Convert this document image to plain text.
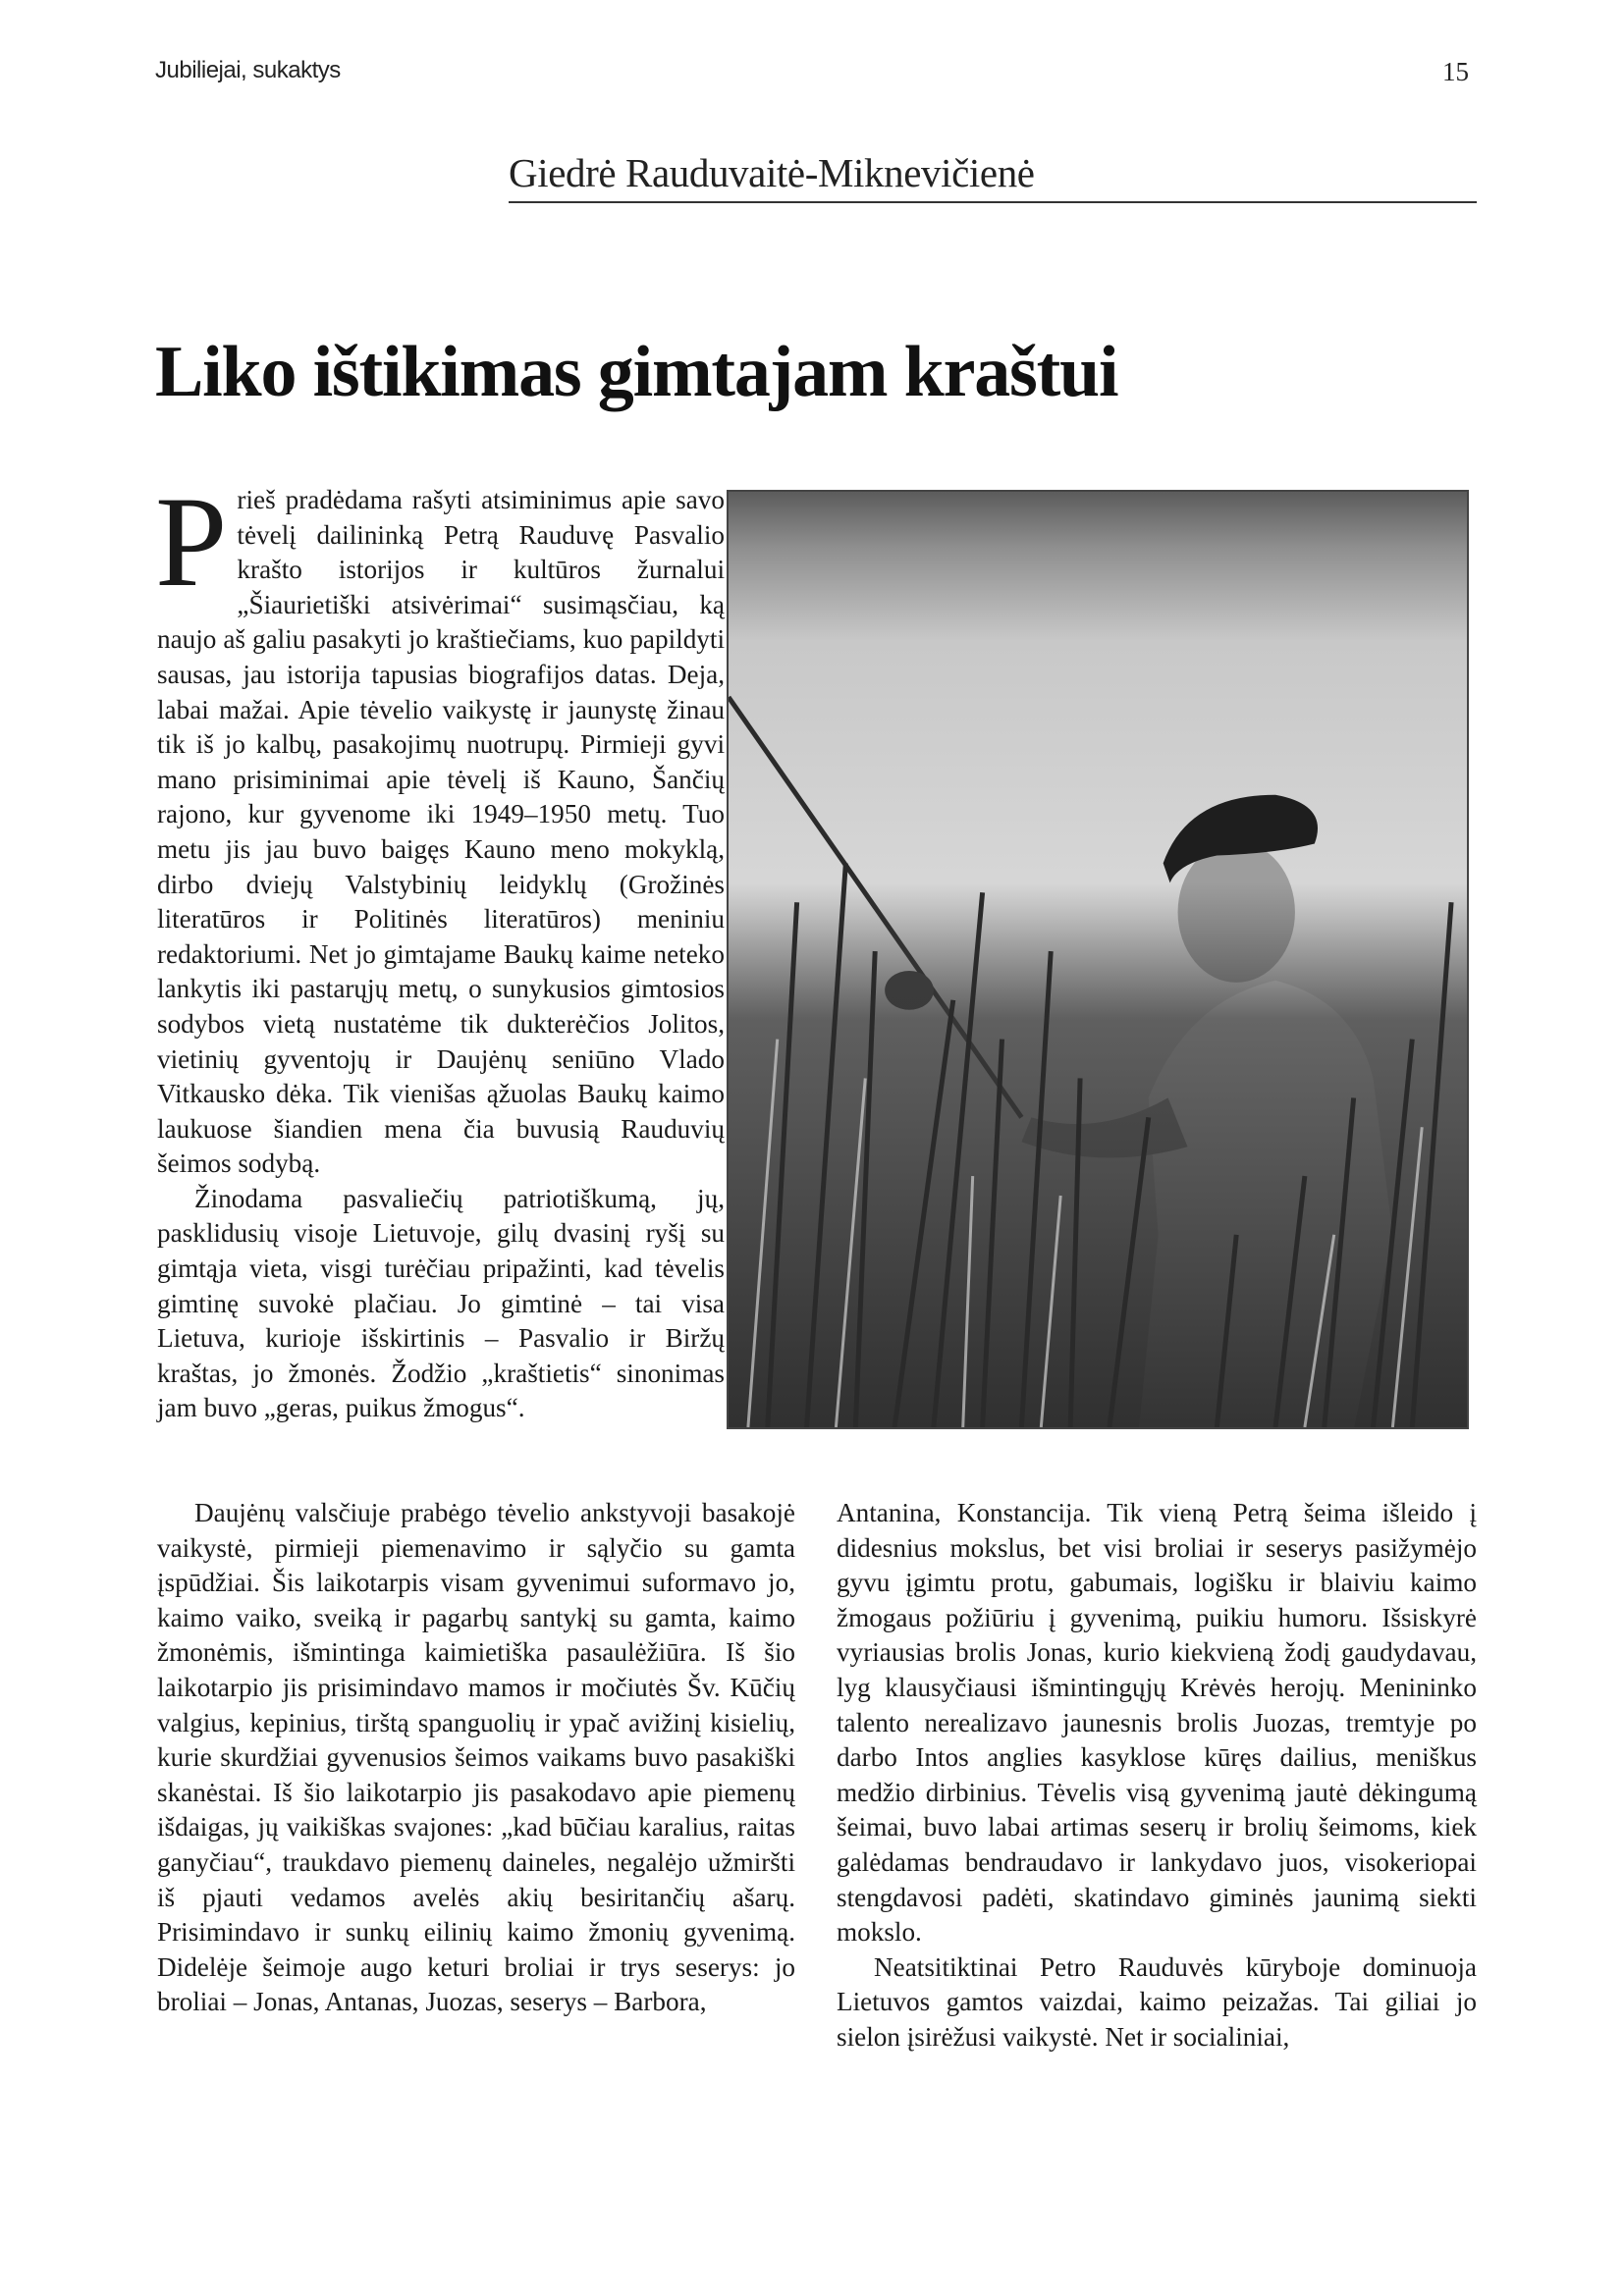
Jubiliejai, sukaktys	15
Giedrė Rauduvaitė-Miknevičienė
Liko ištikimas gimtajam kraštui

Prieš pradėdama rašyti atsiminimus apie savo tėvelį dailininką Petrą Rauduvę Pasvalio krašto istorijos ir kultūros žurnalui „Šiaurietiški atsivėrimai“ susimąsčiau, ką naujo aš galiu pasakyti jo kraštiečiams, kuo papildyti sausas, jau istorija tapusias biografijos datas. Deja, labai mažai. Apie tėvelio vaikystę ir jaunystę žinau tik iš jo kalbų, pasakojimų nuotrupų. Pirmieji gyvi mano prisiminimai apie tėvelį iš Kauno, Šančių rajono, kur gyvenome iki 1949–1950 metų. Tuo metu jis jau buvo baigęs Kauno meno mokyklą, dirbo dviejų Valstybinių leidyklų (Grožinės literatūros ir Politinės literatūros) meniniu redaktoriumi. Net jo gimtajame Baukų kaime neteko lankytis iki pastarųjų metų, o sunykusios gimtosios sodybos vietą nustatėme tik dukterėčios Jolitos, vietinių gyventojų ir Daujėnų seniūno Vlado Vitkausko dėka. Tik vienišas ąžuolas Baukų kaimo laukuose šiandien mena čia buvusią Rauduvių šeimos sodybą.

Žinodama pasvaliečių patriotiškumą, jų, pasklidusių visoje Lietuvoje, gilų dvasinį ryšį su gimtąja vieta, visgi turėčiau pripažinti, kad tėvelis gimtinę suvokė plačiau. Jo gimtinė – tai visa Lietuva, kurioje išskirtinis – Pasvalio ir Biržų kraštas, jo žmonės. Žodžio „kraštietis“ sinonimas jam buvo „geras, puikus žmogus“.

Daujėnų valsčiuje prabėgo tėvelio ankstyvoji basakojė vaikystė, pirmieji piemenavimo ir sąlyčio su gamta įspūdžiai. Šis laikotarpis visam gyvenimui suformavo jo, kaimo vaiko, sveiką ir pagarbų santykį su gamta, kaimo žmonėmis, išmintinga kaimietiška pasaulėžiūra. Iš šio laikotarpio jis prisimindavo mamos ir močiutės Šv. Kūčių valgius, kepinius, tirštą spanguolių ir ypač avižinį kisielių, kurie skurdžiai gyvenusios šeimos vaikams buvo pasakiški skanėstai. Iš šio laikotarpio jis pasakodavo apie piemenų išdaigas, jų vaikiškas svajones: „kad būčiau karalius, raitas ganyčiau“, traukdavo piemenų daineles, negalėjo užmiršti iš pjauti vedamos avelės akių besiritančių ašarų. Prisimindavo ir sunkų eilinių kaimo žmonių gyvenimą. Didelėje šeimoje augo keturi broliai ir trys seserys: jo broliai – Jonas, Antanas, Juozas, seserys – Barbora,

Antanina, Konstancija. Tik vieną Petrą šeima išleido į didesnius mokslus, bet visi broliai ir seserys pasižymėjo gyvu įgimtu protu, gabumais, logišku ir blaiviu kaimo žmogaus požiūriu į gyvenimą, puikiu humoru. Išsiskyrė vyriausias brolis Jonas, kurio kiekvieną žodį gaudydavau, lyg klausyčiausi išmintingųjų Krėvės herojų. Menininko talento nerealizavo jaunesnis brolis Juozas, tremtyje po darbo Intos anglies kasyklose kūręs dailius, meniškus medžio dirbinius. Tėvelis visą gyvenimą jautė dėkingumą šeimai, buvo labai artimas seserų ir brolių šeimoms, kiek galėdamas bendraudavo ir lankydavo juos, visokeriopai stengdavosi padėti, skatindavo giminės jaunimą siekti mokslo.

Neatsitiktinai Petro Rauduvės kūryboje dominuoja Lietuvos gamtos vaizdai, kaimo peizažas. Tai giliai jo sielon įsirėžusi vaikystė. Net ir socialiniai,
